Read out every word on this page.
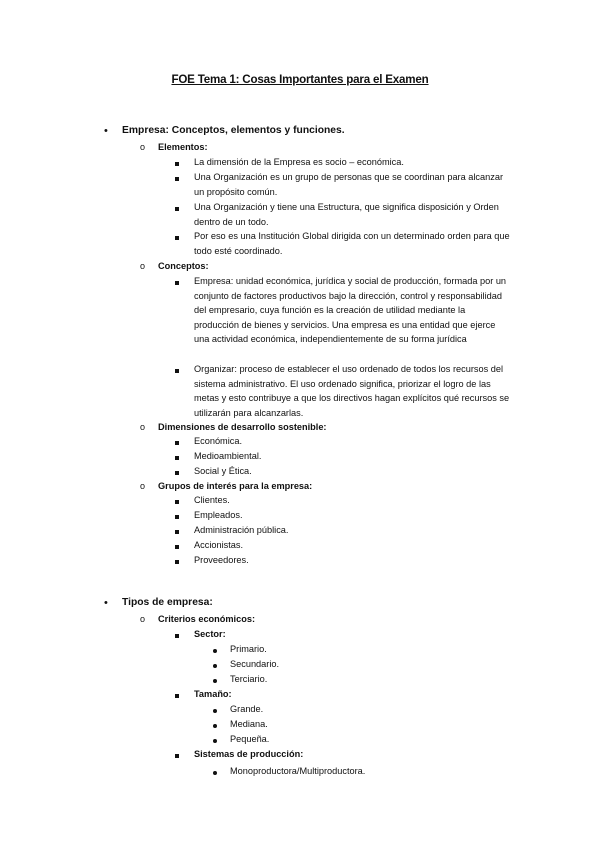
FOE Tema 1: Cosas Importantes para el Examen
• Empresa: Conceptos, elementos y funciones.
o Elementos:
La dimensión de la Empresa es socio – económica.
Una Organización es un grupo de personas que se coordinan para alcanzar un propósito común.
Una Organización y tiene una Estructura, que significa disposición y Orden dentro de un todo.
Por eso es una Institución Global dirigida con un determinado orden para que todo esté coordinado.
o Conceptos:
Empresa: unidad económica, jurídica y social de producción, formada por un conjunto de factores productivos bajo la dirección, control y responsabilidad del empresario, cuya función es la creación de utilidad mediante la producción de bienes y servicios. Una empresa es una entidad que ejerce una actividad económica, independientemente de su forma jurídica
Organizar: proceso de establecer el uso ordenado de todos los recursos del sistema administrativo. El uso ordenado significa, priorizar el logro de las metas y esto contribuye a que los directivos hagan explícitos qué recursos se utilizarán para alcanzarlas.
o Dimensiones de desarrollo sostenible:
Económica.
Medioambiental.
Social y Ética.
o Grupos de interés para la empresa:
Clientes.
Empleados.
Administración pública.
Accionistas.
Proveedores.
• Tipos de empresa:
o Criterios económicos:
Sector:
Primario.
Secundario.
Terciario.
Tamaño:
Grande.
Mediana.
Pequeña.
Sistemas de producción:
Monoproductora/Multiproductora.
